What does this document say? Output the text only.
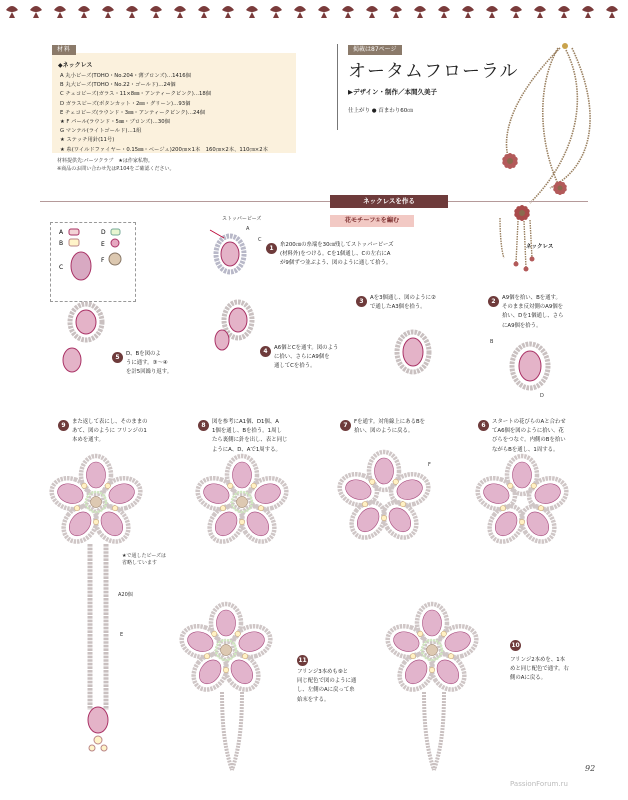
材料
◆ネックレス
A 丸小ビーズ(TOHO・No.204・薄ブロンズ)…1416個
B 丸大ビーズ(TOHO・No.22・ゴールド)…24個
C チェコビーズ(ガラス・11×8㎜・アンティークピンク)…18個
D ガラスビーズ(ボタンカット・2㎜・グリーン)…93個
E チェコビーズ(ラウンド・3㎜・アンティークピンク)…24個
★ F パール(ラウンド・5㎜・ブロンズ)…30個
G マンテル(ライトゴールド)…1組
★ ステッチ用針(11号)
★ 糸(ワイルドファイヤー・0.15㎜・ベージュ)200㎝×1本　160㎝×2本、110㎝×2本
材料提供先:パーツクラブ　★は作家私物。
※商品のお問い合わせ先はP.104をご確認ください。
掲載は87ページ
オータムフローラル
▶デザイン・制作／本間久美子
仕上がり ● 首まわり60㎝
ネックレス
ネックレスを作る
花モチーフ①を編む
A
B
C
D
E
F
ストッパービーズ
A
C
1	糸200㎝の糸端を30㎝残してストッパービーズ
(材料外)をつける。Cを1個通し、Cの左右にA
が9個ずつ並ぶよう、図のように通して拾う。
3	Aを3個通し、図のように②
で通したA3個を拾う。
2	A9個を拾い、Bを通す。
そのまま反対側のA9個を
拾い、Dを1個通し、さら
にA9個を拾う。
B
D
4	A6個とCを通す。図のよう
に拾い、さらにA9個を
通してCを拾う。
5	D、Bを図のよ
うに通す。③～④
を計5回繰り返す。
9	また返して表にし、そのままの
あて、図のように フリンジの1
本めを通す。
8	図を参考にA1個、D1個、A
1個を通し、Bを拾う。1周し
たら裏側に針を出し、表と同じ
ようにA、D、Aで1周する。
7	Fを通す。対角線上にあるBを
拾い、図のように戻る。
6	スタートの花びらのAと合わせ
てA6個を図のように拾い、花
びらをつなぐ。内側のBを拾い
ながらBを通し、1周する。
F
★で通したビーズは
省略しています
A20個
E
11
フリンジ3本めも⑨と
同じ配色で図のように通
し、左側のAに戻って糸
始末をする。
10
フリンジ2本めを、1本
めと同じ配色で通す。右
側のAに戻る。
92
PassionForum.ru
